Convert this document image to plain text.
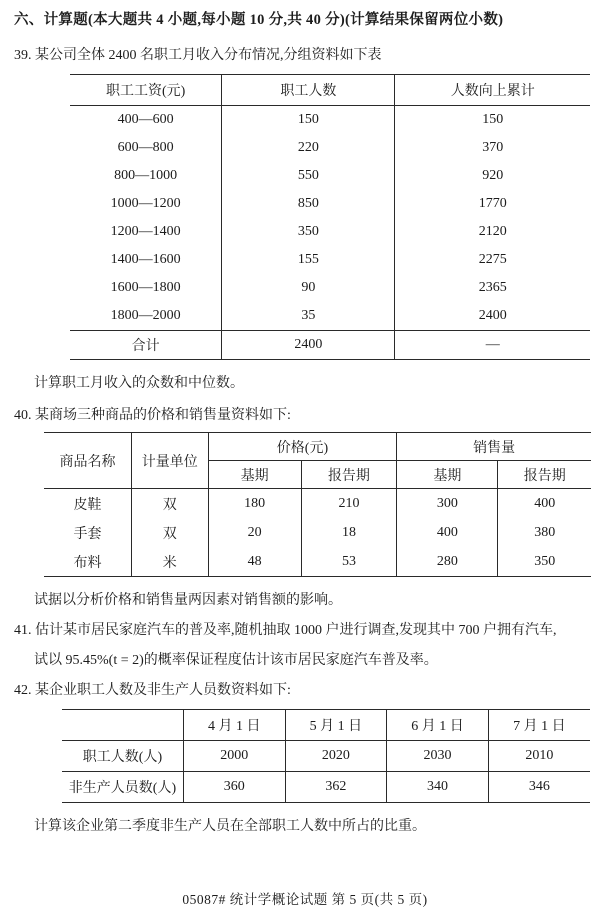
六、计算题(本大题共 4 小题,每小题 10 分,共 40 分)(计算结果保留两位小数)
39. 某公司全体 2400 名职工月收入分布情况,分组资料如下表
职工工资(元)	职工人数	人数向上累计
400—600	150	150
600—800	220	370
800—1000	550	920
1000—1200	850	1770
1200—1400	350	2120
1400—1600	155	2275
1600—1800	90	2365
1800—2000	35	2400
合计	2400	—
计算职工月收入的众数和中位数。
40. 某商场三种商品的价格和销售量资料如下:
商品名称	计量单位	价格(元)		销售量	
		基期	报告期	基期	报告期
皮鞋	双	180	210	300	400
手套	双	20	18	400	380
布料	米	48	53	280	350
试据以分析价格和销售量两因素对销售额的影响。
41. 估计某市居民家庭汽车的普及率,随机抽取 1000 户进行调查,发现其中 700 户拥有汽车,
试以 95.45%(t = 2)的概率保证程度估计该市居民家庭汽车普及率。
42. 某企业职工人数及非生产人员数资料如下:
	4 月 1 日	5 月 1 日	6 月 1 日	7 月 1 日
职工人数(人)	2000	2020	2030	2010
非生产人员数(人)	360	362	340	346
计算该企业第二季度非生产人员在全部职工人数中所占的比重。
05087# 统计学概论试题 第 5 页(共 5 页)
